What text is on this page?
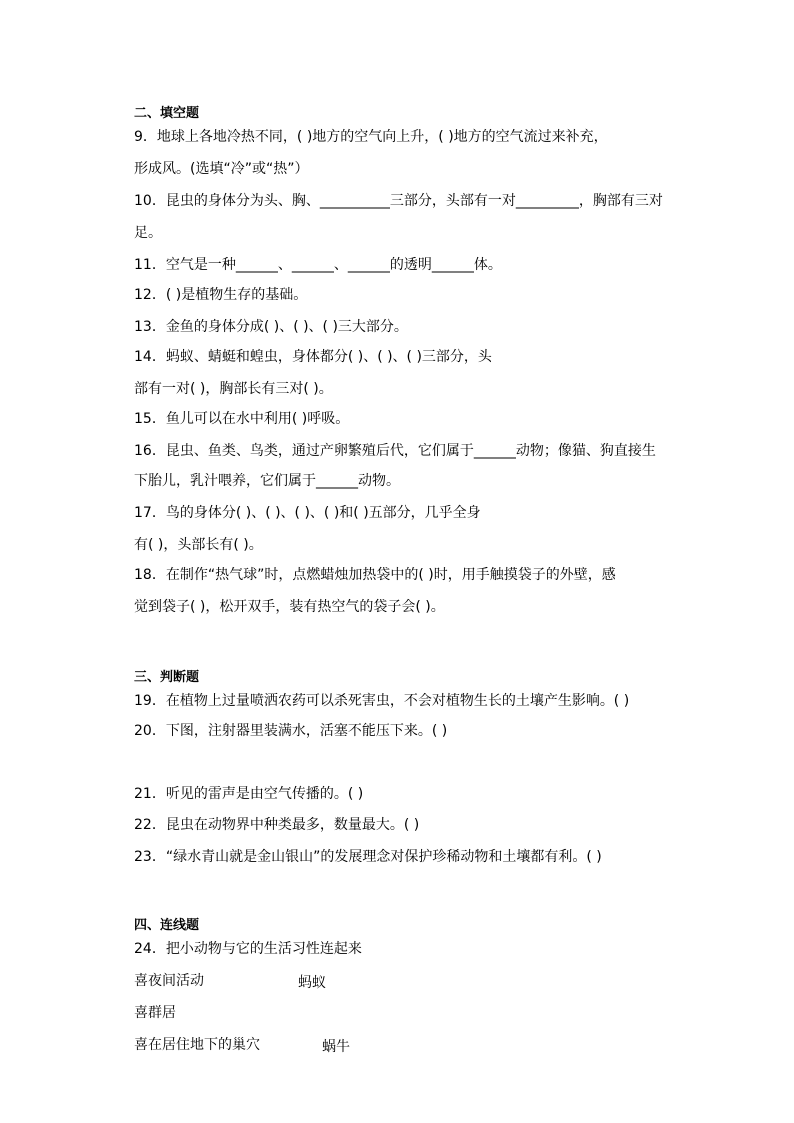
二、填空题
9．地球上各地冷热不同，( )地方的空气向上升，( )地方的空气流过来补充，
形成风。(选填“冷”或“热”）
10．昆虫的身体分为头、胸、__________三部分，头部有一对_________，胸部有三对
足。
11．空气是一种______、______、______的透明______体。
12．( )是植物生存的基础。
13．金鱼的身体分成( )、( )、( )三大部分。
14．蚂蚁、蜻蜓和蝗虫，身体都分( )、( )、( )三部分，头
部有一对( )，胸部长有三对( )。
15．鱼儿可以在水中利用( )呼吸。
16．昆虫、鱼类、鸟类，通过产卵繁殖后代，它们属于______动物；像猫、狗直接生
下胎儿，乳汁喂养，它们属于______动物。
17．鸟的身体分( )、( )、( )、( )和( )五部分，几乎全身
有( )，头部长有( )。
18．在制作“热气球”时，点燃蜡烛加热袋中的( )时，用手触摸袋子的外壁，感
觉到袋子( )，松开双手，装有热空气的袋子会( )。
三、判断题
19．在植物上过量喷洒农药可以杀死害虫，不会对植物生长的土壤产生影响。( )
20．下图，注射器里装满水，活塞不能压下来。( )
21．听见的雷声是由空气传播的。( )
22．昆虫在动物界中种类最多，数量最大。( )
23．“绿水青山就是金山银山”的发展理念对保护珍稀动物和土壤都有利。( )
四、连线题
24．把小动物与它的生活习性连起来
喜夜间活动	蚂蚁
喜群居
喜在居住地下的巢穴	蜗牛
